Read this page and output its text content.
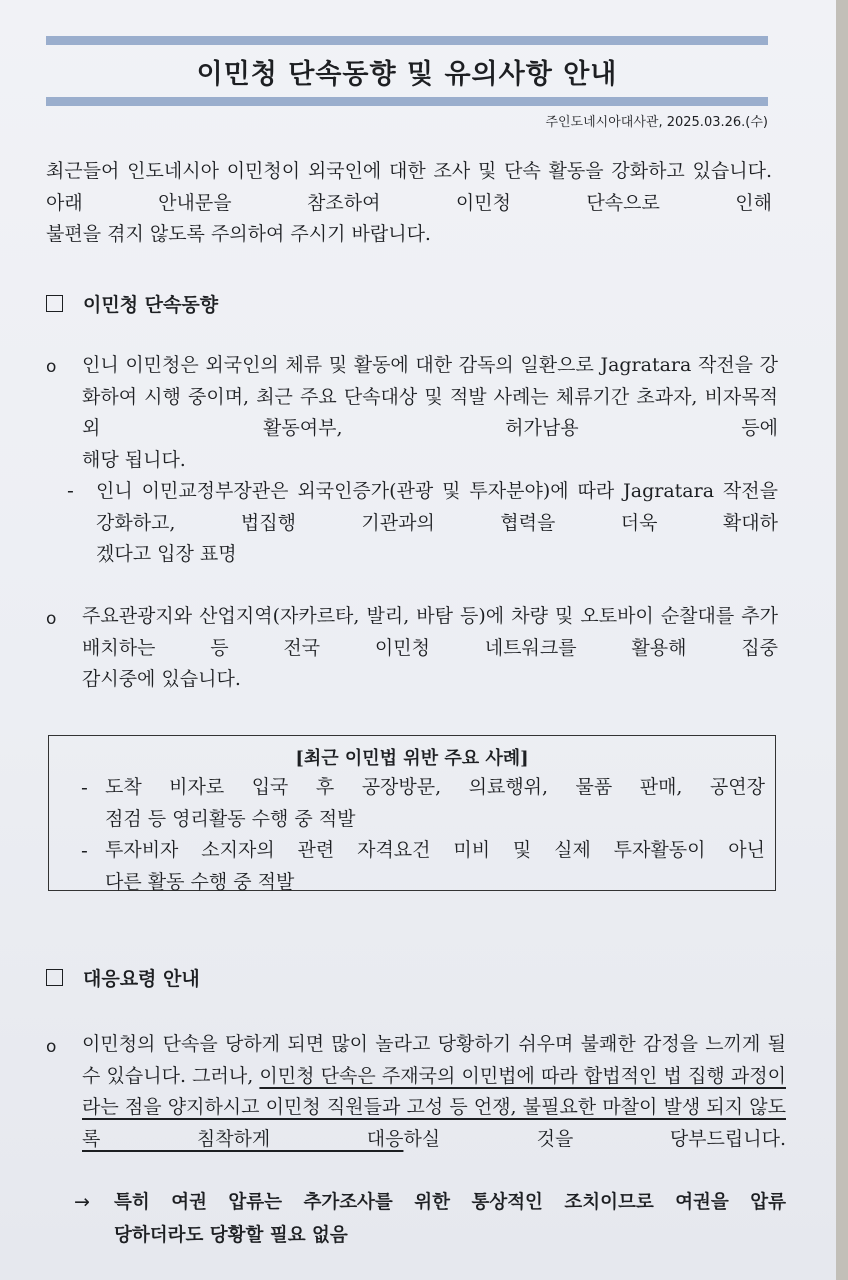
이민청 단속동향 및 유의사항 안내
주인도네시아대사관, 2025.03.26.(수)
최근들어 인도네시아 이민청이 외국인에 대한 조사 및 단속 활동을 강화하고 있습니다. 아래 안내문을 참조하여 이민청 단속으로 인해
불편을 겪지 않도록 주의하여 주시기 바랍니다.
이민청 단속동향
o 인니 이민청은 외국인의 체류 및 활동에 대한 감독의 일환으로 Jagratara 작전을 강화하여 시행 중이며, 최근 주요 단속대상 및 적발 사례는 체류기간 초과자, 비자목적 외 활동여부, 허가남용 등에
해당 됩니다.
- 인니 이민교정부장관은 외국인증가(관광 및 투자분야)에 따라 Jagratara 작전을 강화하고, 법집행 기관과의 협력을 더욱 확대하
겠다고 입장 표명
o 주요관광지와 산업지역(자카르타, 발리, 바탐 등)에 차량 및 오토바이 순찰대를 추가 배치하는 등 전국 이민청 네트워크를 활용해 집중
감시중에 있습니다.
[최근 이민법 위반 주요 사례]
- 도착 비자로 입국 후 공장방문, 의료행위, 물품 판매, 공연장
점검 등 영리활동 수행 중 적발
- 투자비자 소지자의 관련 자격요건 미비 및 실제 투자활동이 아닌
다른 활동 수행 중 적발
대응요령 안내
o 이민청의 단속을 당하게 되면 많이 놀라고 당황하기 쉬우며 불쾌한 감정을 느끼게 될 수 있습니다. 그러나, 이민청 단속은 주재국의 이민법에 따라 합법적인 법 집행 과정이라는 점을 양지하시고 이민청 직원들과 고성 등 언쟁, 불필요한 마찰이 발생 되지 않도록 침착하게 대응하실 것을 당부드립니다.
→ 특히 여권 압류는 추가조사를 위한 통상적인 조치이므로 여권을 압류
당하더라도 당황할 필요 없음
